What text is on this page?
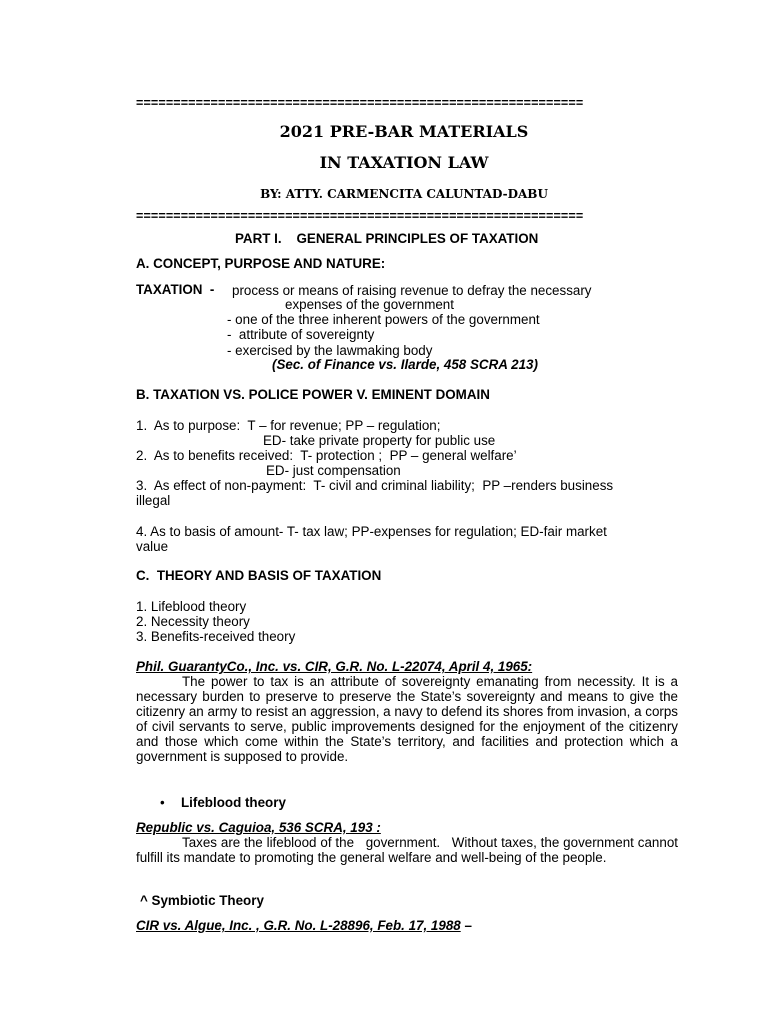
============================================================
2021 PRE-BAR MATERIALS
IN TAXATION LAW
BY: ATTY. CARMENCITA CALUNTAD-DABU
============================================================
PART I.    GENERAL PRINCIPLES OF TAXATION
A. CONCEPT, PURPOSE AND NATURE:
TAXATION  - process or means of raising revenue to defray the necessary
expenses of the government
- one of the three inherent powers of the government
-  attribute of sovereignty
- exercised by the lawmaking body
(Sec. of Finance vs. Ilarde, 458 SCRA 213)
B. TAXATION VS. POLICE POWER V. EMINENT DOMAIN
1.  As to purpose:  T – for revenue; PP – regulation;
ED- take private property for public use
2.  As to benefits received:  T- protection ;  PP – general welfare’
ED- just compensation
3.  As effect of non-payment:  T- civil and criminal liability;  PP –renders business
illegal
4. As to basis of amount- T- tax law; PP-expenses for regulation; ED-fair market
value
C.  THEORY AND BASIS OF TAXATION
1. Lifeblood theory
2. Necessity theory
3. Benefits-received theory
Phil. GuarantyCo., Inc. vs. CIR, G.R. No. L-22074, April 4, 1965:
The power to tax is an attribute of sovereignty emanating from necessity. It is a necessary burden to preserve to preserve the State’s sovereignty and means to give the citizenry an army to resist an aggression, a navy to defend its shores from invasion, a corps of civil servants to serve, public improvements designed for the enjoyment of the citizenry and those which come within the State’s territory, and facilities and protection which a government is supposed to provide.
• Lifeblood theory
Republic vs. Caguioa, 536 SCRA, 193 :
Taxes are the lifeblood of the   government.   Without taxes, the government cannot fulfill its mandate to promoting the general welfare and well-being of the people.
^ Symbiotic Theory
CIR vs. Algue, Inc. , G.R. No. L-28896, Feb. 17, 1988 –
